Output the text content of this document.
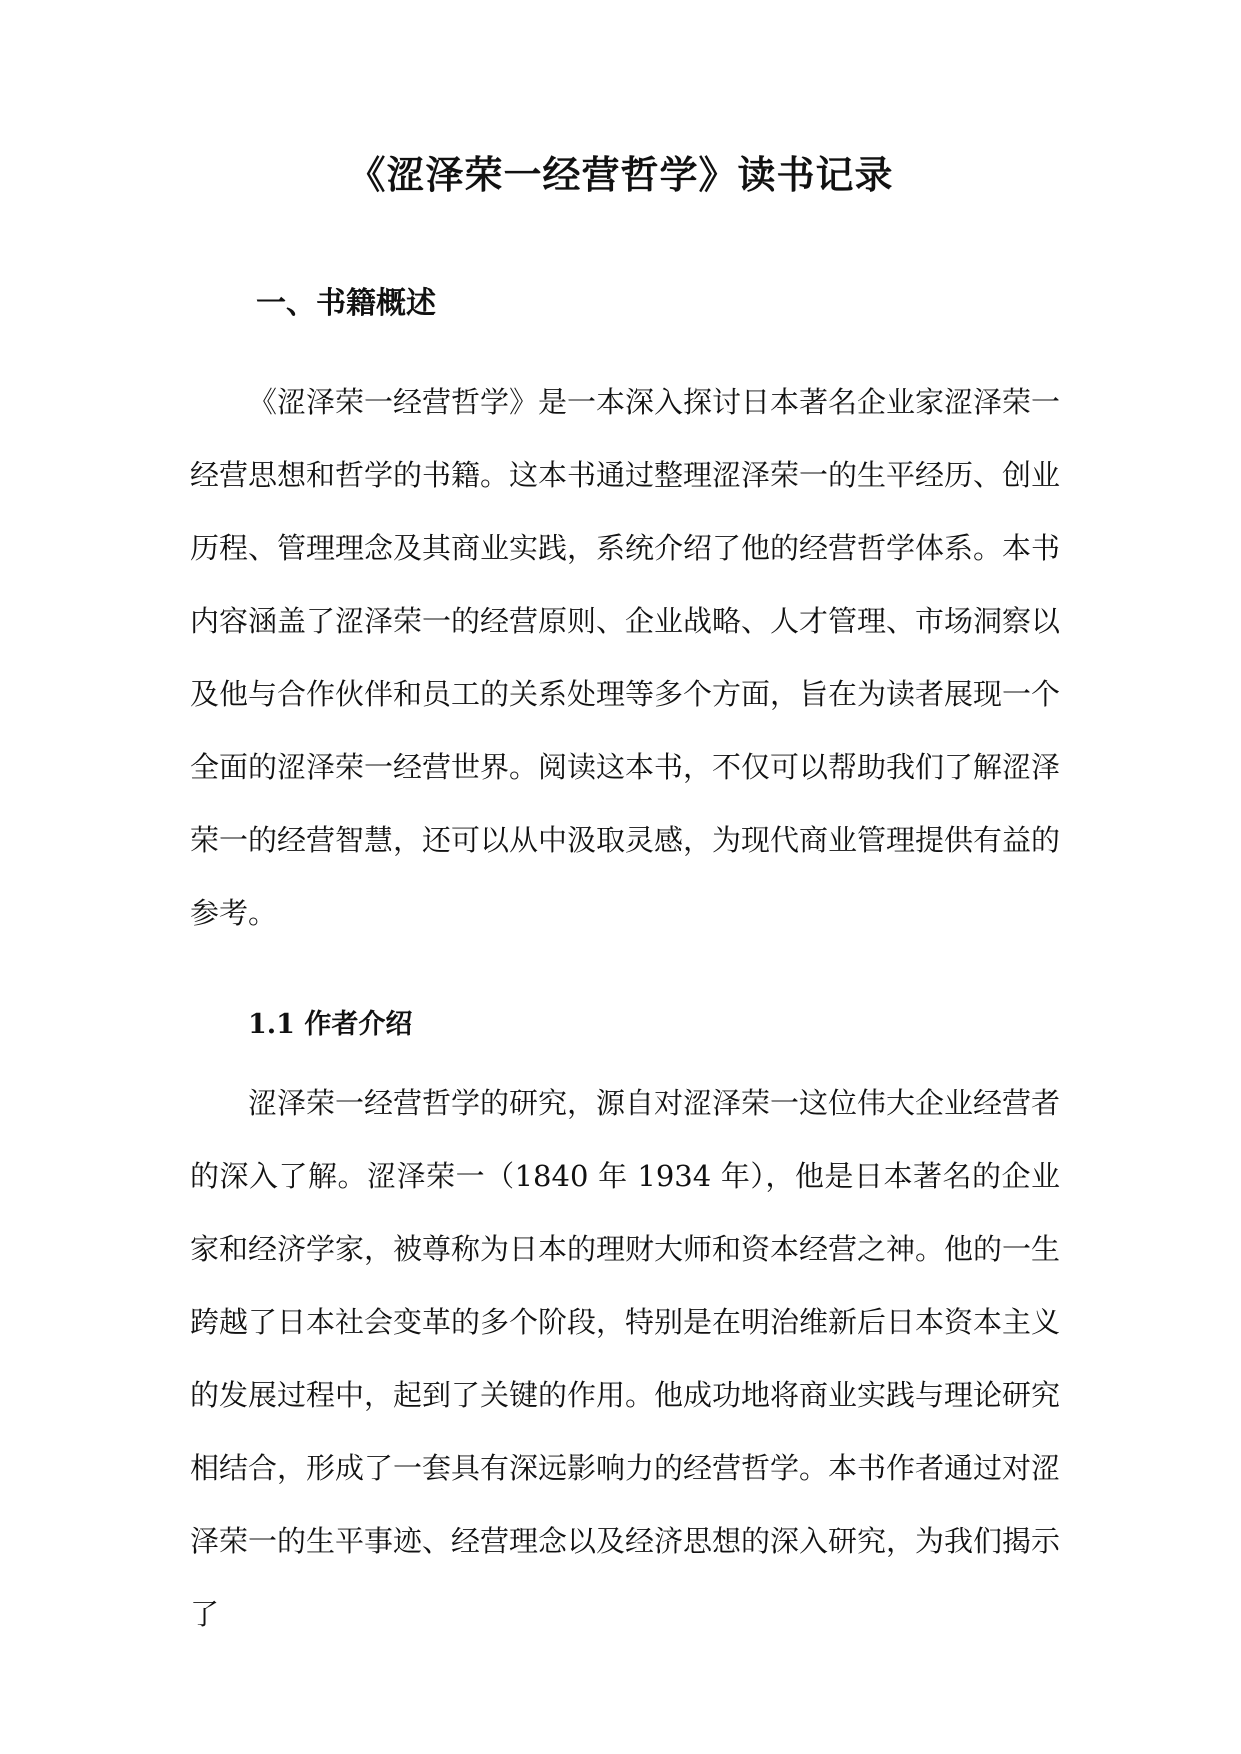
《涩泽荣一经营哲学》读书记录
一、书籍概述

《涩泽荣一经营哲学》是一本深入探讨日本著名企业家涩泽荣一经营思想和哲学的书籍。这本书通过整理涩泽荣一的生平经历、创业历程、管理理念及其商业实践，系统介绍了他的经营哲学体系。本书内容涵盖了涩泽荣一的经营原则、企业战略、人才管理、市场洞察以及他与合作伙伴和员工的关系处理等多个方面，旨在为读者展现一个全面的涩泽荣一经营世界。阅读这本书，不仅可以帮助我们了解涩泽荣一的经营智慧，还可以从中汲取灵感，为现代商业管理提供有益的参考。

1.1 作者介绍

涩泽荣一经营哲学的研究，源自对涩泽荣一这位伟大企业经营者的深入了解。涩泽荣一（1840 年 1934 年），他是日本著名的企业家和经济学家，被尊称为日本的理财大师和资本经营之神。他的一生跨越了日本社会变革的多个阶段，特别是在明治维新后日本资本主义的发展过程中，起到了关键的作用。他成功地将商业实践与理论研究相结合，形成了一套具有深远影响力的经营哲学。本书作者通过对涩泽荣一的生平事迹、经营理念以及经济思想的深入研究，为我们揭示了
